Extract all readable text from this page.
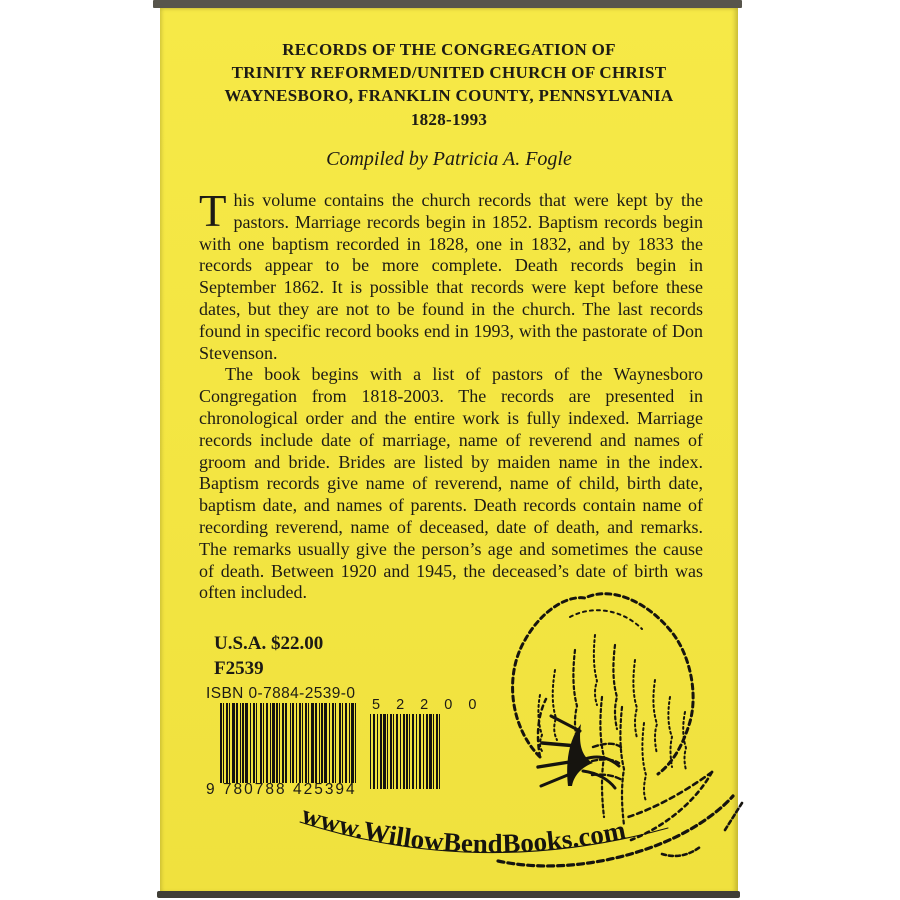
www.WillowBendBooks.com
RECORDS OF THE CONGREGATION OF
TRINITY REFORMED/UNITED CHURCH OF CHRIST
WAYNESBORO, FRANKLIN COUNTY, PENNSYLVANIA
1828-1993
Compiled by Patricia A. Fogle

This volume contains the church records that were kept by the pastors. Marriage records begin in 1852. Baptism records begin with one baptism recorded in 1828, one in 1832, and by 1833 the records appear to be more complete. Death records begin in September 1862. It is possible that records were kept before these dates, but they are not to be found in the church. The last records found in specific record books end in 1993, with the pastorate of Don Stevenson.

The book begins with a list of pastors of the Waynesboro Congregation from 1818-2003. The records are presented in chronological order and the entire work is fully indexed. Marriage records include date of marriage, name of reverend and names of groom and bride. Brides are listed by maiden name in the index. Baptism records give name of reverend, name of child, birth date, baptism date, and names of parents. Death records contain name of recording reverend, name of deceased, date of death, and remarks. The remarks usually give the person’s age and sometimes the cause of death. Between 1920 and 1945, the deceased’s date of birth was often included.

U.S.A. $22.00
F2539
ISBN 0-7884-2539-0
9 780788 425394
5 2 2 0 0
